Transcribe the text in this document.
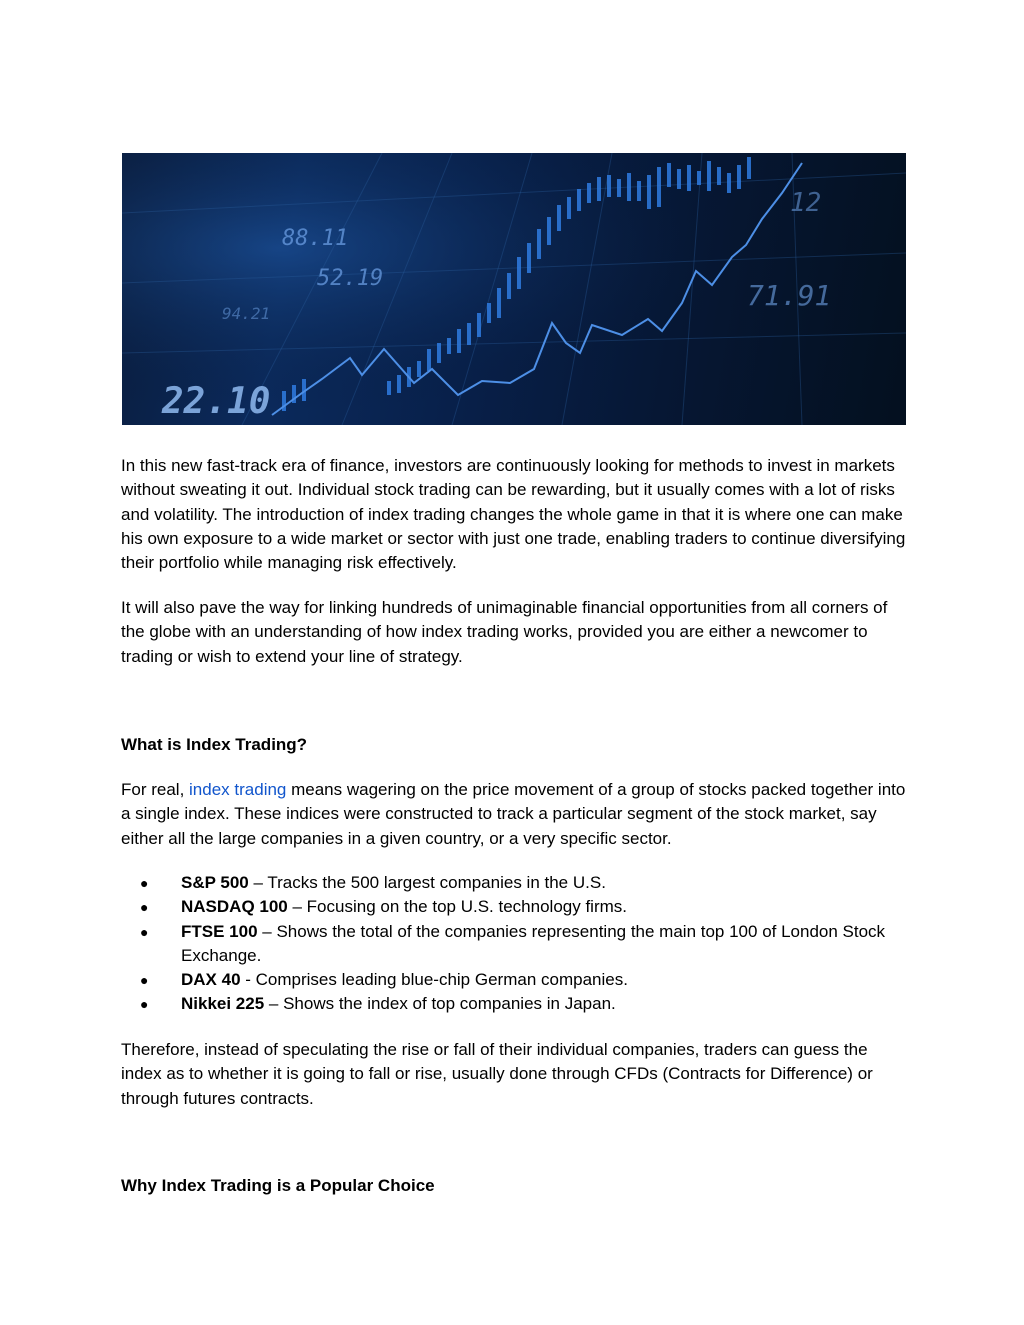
88.11
52.19
94.21
22.10
71.91
12

In this new fast-track era of finance, investors are continuously looking for methods to invest in markets without sweating it out. Individual stock trading can be rewarding, but it usually comes with a lot of risks and volatility. The introduction of index trading changes the whole game in that it is where one can make his own exposure to a wide market or sector with just one trade, enabling traders to continue diversifying their portfolio while managing risk effectively.

It will also pave the way for linking hundreds of unimaginable financial opportunities from all corners of the globe with an understanding of how index trading works, provided you are either a newcomer to trading or wish to extend your line of strategy.

What is Index Trading?

For real, index trading means wagering on the price movement of a group of stocks packed together into a single index. These indices were constructed to track a particular segment of the stock market, say either all the large companies in a given country, or a very specific sector.

● S&P 500 – Tracks the 500 largest companies in the U.S.
● NASDAQ 100 – Focusing on the top U.S. technology firms.
● FTSE 100 – Shows the total of the companies representing the main top 100 of London Stock Exchange.
● DAX 40 - Comprises leading blue-chip German companies.
● Nikkei 225 – Shows the index of top companies in Japan.

Therefore, instead of speculating the rise or fall of their individual companies, traders can guess the index as to whether it is going to fall or rise, usually done through CFDs (Contracts for Difference) or through futures contracts.

Why Index Trading is a Popular Choice
